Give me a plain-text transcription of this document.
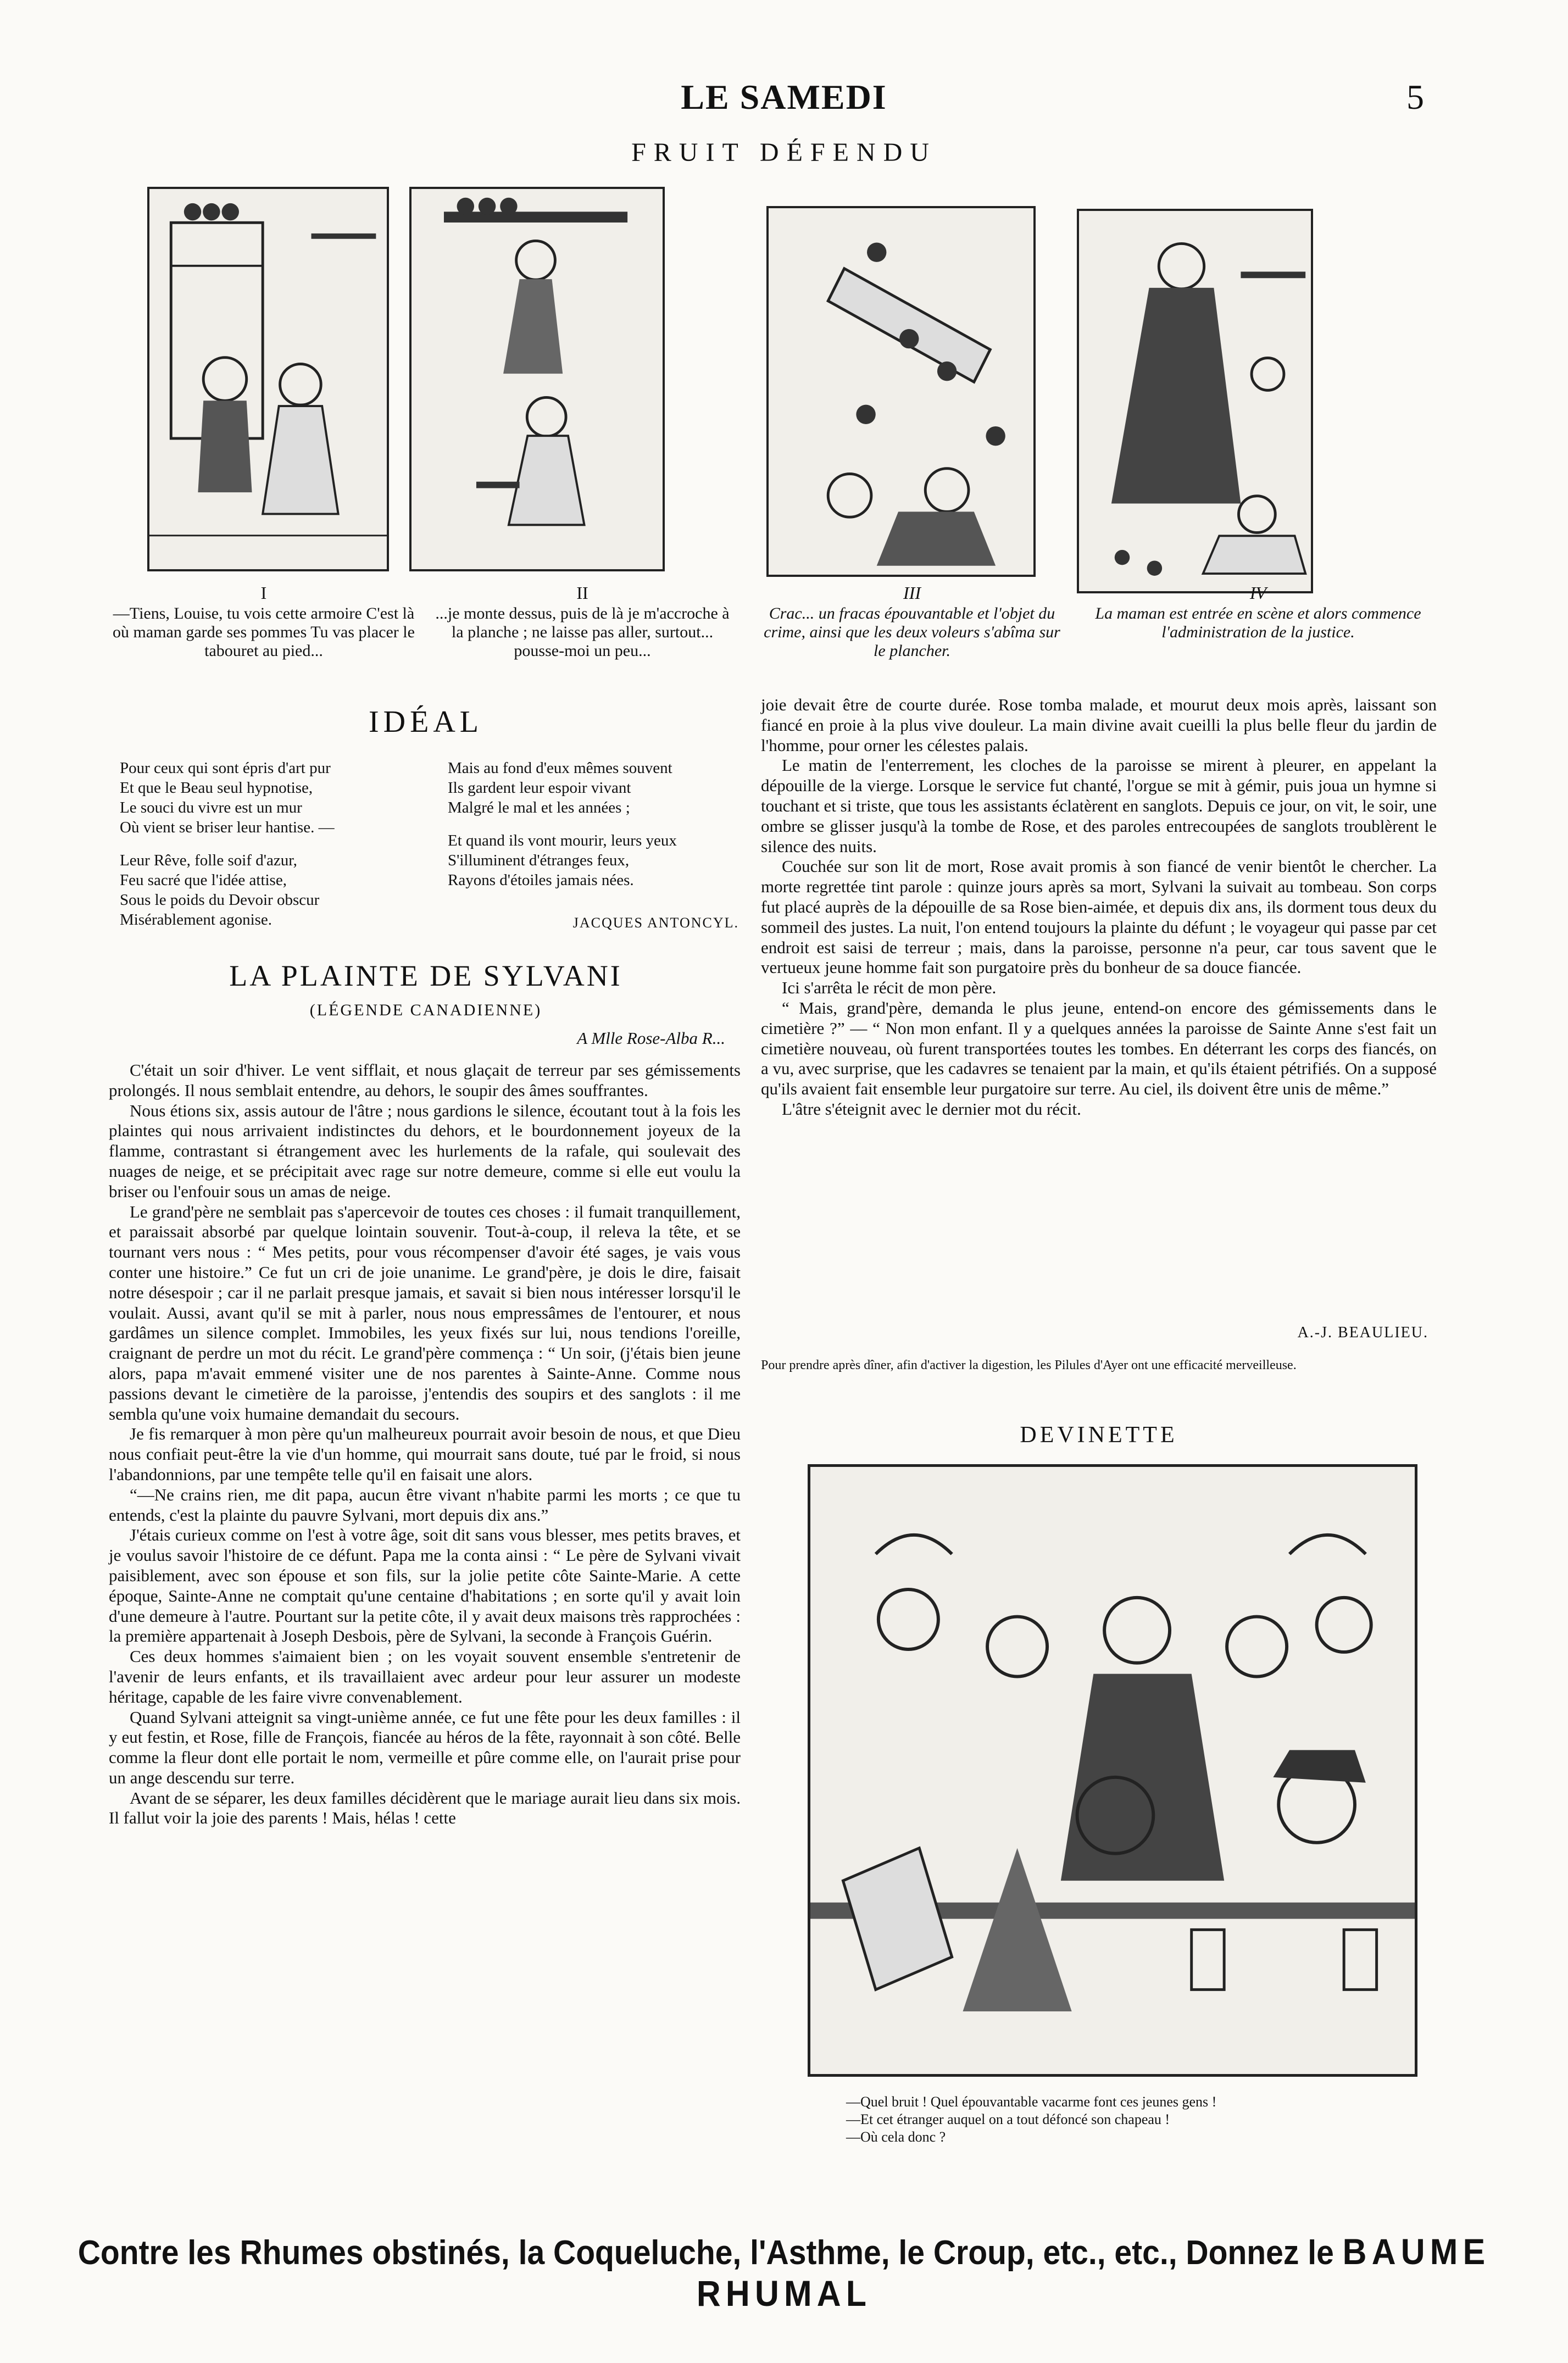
LE SAMEDI	5
FRUIT DÉFENDU
I
—Tiens, Louise, tu vois cette armoire C'est là où maman garde ses pommes Tu vas placer le tabouret au pied...
II
...je monte dessus, puis de là je m'accroche à la planche ; ne laisse pas aller, surtout... pousse-moi un peu...
III
Crac... un fracas épouvantable et l'objet du crime, ainsi que les deux voleurs s'abîma sur le plancher.
IV
La maman est entrée en scène et alors commence l'administration de la justice.
IDÉAL

Pour ceux qui sont épris d'art pur
Et que le Beau seul hypnotise,
Le souci du vivre est un mur
Où vient se briser leur hantise. —

Leur Rêve, folle soif d'azur,
Feu sacré que l'idée attise,
Sous le poids du Devoir obscur
Misérablement agonise.

Mais au fond d'eux mêmes souvent
Ils gardent leur espoir vivant
Malgré le mal et les années ;

Et quand ils vont mourir, leurs yeux
S'illuminent d'étranges feux,
Rayons d'étoiles jamais nées.

JACQUES ANTONCYL.
LA PLAINTE DE SYLVANI
(LÉGENDE CANADIENNE)
A Mlle Rose-Alba R...

C'était un soir d'hiver. Le vent sifflait, et nous glaçait de terreur par ses gémissements prolongés. Il nous semblait entendre, au dehors, le soupir des âmes souffrantes.

Nous étions six, assis autour de l'âtre ; nous gardions le silence, écoutant tout à la fois les plaintes qui nous arrivaient indistinctes du dehors, et le bourdonnement joyeux de la flamme, contrastant si étrangement avec les hurlements de la rafale, qui soulevait des nuages de neige, et se précipitait avec rage sur notre demeure, comme si elle eut voulu la briser ou l'enfouir sous un amas de neige.

Le grand'père ne semblait pas s'apercevoir de toutes ces choses : il fumait tranquillement, et paraissait absorbé par quelque lointain souvenir. Tout-à-coup, il releva la tête, et se tournant vers nous : “ Mes petits, pour vous récompenser d'avoir été sages, je vais vous conter une histoire.” Ce fut un cri de joie unanime. Le grand'père, je dois le dire, faisait notre désespoir ; car il ne parlait presque jamais, et savait si bien nous intéresser lorsqu'il le voulait. Aussi, avant qu'il se mit à parler, nous nous empressâmes de l'entourer, et nous gardâmes un silence complet. Immobiles, les yeux fixés sur lui, nous tendions l'oreille, craignant de perdre un mot du récit. Le grand'père commença : “ Un soir, (j'étais bien jeune alors, papa m'avait emmené visiter une de nos parentes à Sainte-Anne. Comme nous passions devant le cimetière de la paroisse, j'entendis des soupirs et des sanglots : il me sembla qu'une voix humaine demandait du secours.

Je fis remarquer à mon père qu'un malheureux pourrait avoir besoin de nous, et que Dieu nous confiait peut-être la vie d'un homme, qui mourrait sans doute, tué par le froid, si nous l'abandonnions, par une tempête telle qu'il en faisait une alors.

“—Ne crains rien, me dit papa, aucun être vivant n'habite parmi les morts ; ce que tu entends, c'est la plainte du pauvre Sylvani, mort depuis dix ans.”

J'étais curieux comme on l'est à votre âge, soit dit sans vous blesser, mes petits braves, et je voulus savoir l'histoire de ce défunt. Papa me la conta ainsi : “ Le père de Sylvani vivait paisiblement, avec son épouse et son fils, sur la jolie petite côte Sainte-Marie. A cette époque, Sainte-Anne ne comptait qu'une centaine d'habitations ; en sorte qu'il y avait loin d'une demeure à l'autre. Pourtant sur la petite côte, il y avait deux maisons très rapprochées : la première appartenait à Joseph Desbois, père de Sylvani, la seconde à François Guérin.

Ces deux hommes s'aimaient bien ; on les voyait souvent ensemble s'entretenir de l'avenir de leurs enfants, et ils travaillaient avec ardeur pour leur assurer un modeste héritage, capable de les faire vivre convenablement.

Quand Sylvani atteignit sa vingt-unième année, ce fut une fête pour les deux familles : il y eut festin, et Rose, fille de François, fiancée au héros de la fête, rayonnait à son côté. Belle comme la fleur dont elle portait le nom, vermeille et pûre comme elle, on l'aurait prise pour un ange descendu sur terre.

Avant de se séparer, les deux familles décidèrent que le mariage aurait lieu dans six mois. Il fallut voir la joie des parents ! Mais, hélas ! cette

joie devait être de courte durée. Rose tomba malade, et mourut deux mois après, laissant son fiancé en proie à la plus vive douleur. La main divine avait cueilli la plus belle fleur du jardin de l'homme, pour orner les célestes palais.

Le matin de l'enterrement, les cloches de la paroisse se mirent à pleurer, en appelant la dépouille de la vierge. Lorsque le service fut chanté, l'orgue se mit à gémir, puis joua un hymne si touchant et si triste, que tous les assistants éclatèrent en sanglots. Depuis ce jour, on vit, le soir, une ombre se glisser jusqu'à la tombe de Rose, et des paroles entrecoupées de sanglots troublèrent le silence des nuits.

Couchée sur son lit de mort, Rose avait promis à son fiancé de venir bientôt le chercher. La morte regrettée tint parole : quinze jours après sa mort, Sylvani la suivait au tombeau. Son corps fut placé auprès de la dépouille de sa Rose bien-aimée, et depuis dix ans, ils dorment tous deux du sommeil des justes. La nuit, l'on entend toujours la plainte du défunt ; le voyageur qui passe par cet endroit est saisi de terreur ; mais, dans la paroisse, personne n'a peur, car tous savent que le vertueux jeune homme fait son purgatoire près du bonheur de sa douce fiancée.

Ici s'arrêta le récit de mon père.

“ Mais, grand'père, demanda le plus jeune, entend-on encore des gémissements dans le cimetière ?” — “ Non mon enfant. Il y a quelques années la paroisse de Sainte Anne s'est fait un cimetière nouveau, où furent transportées toutes les tombes. En déterrant les corps des fiancés, on a vu, avec surprise, que les cadavres se tenaient par la main, et qu'ils étaient pétrifiés. On a supposé qu'ils avaient fait ensemble leur purgatoire sur terre. Au ciel, ils doivent être unis de même.”

L'âtre s'éteignit avec le dernier mot du récit.

A.-J. BEAULIEU.
Pour prendre après dîner, afin d'activer la digestion, les Pilules d'Ayer ont une efficacité merveilleuse.
DEVINETTE
—Quel bruit ! Quel épouvantable vacarme font ces jeunes gens !
—Et cet étranger auquel on a tout défoncé son chapeau !
—Où cela donc ?
Contre les Rhumes obstinés, la Coqueluche, l'Asthme, le Croup, etc., etc., Donnez le BAUME RHUMAL
